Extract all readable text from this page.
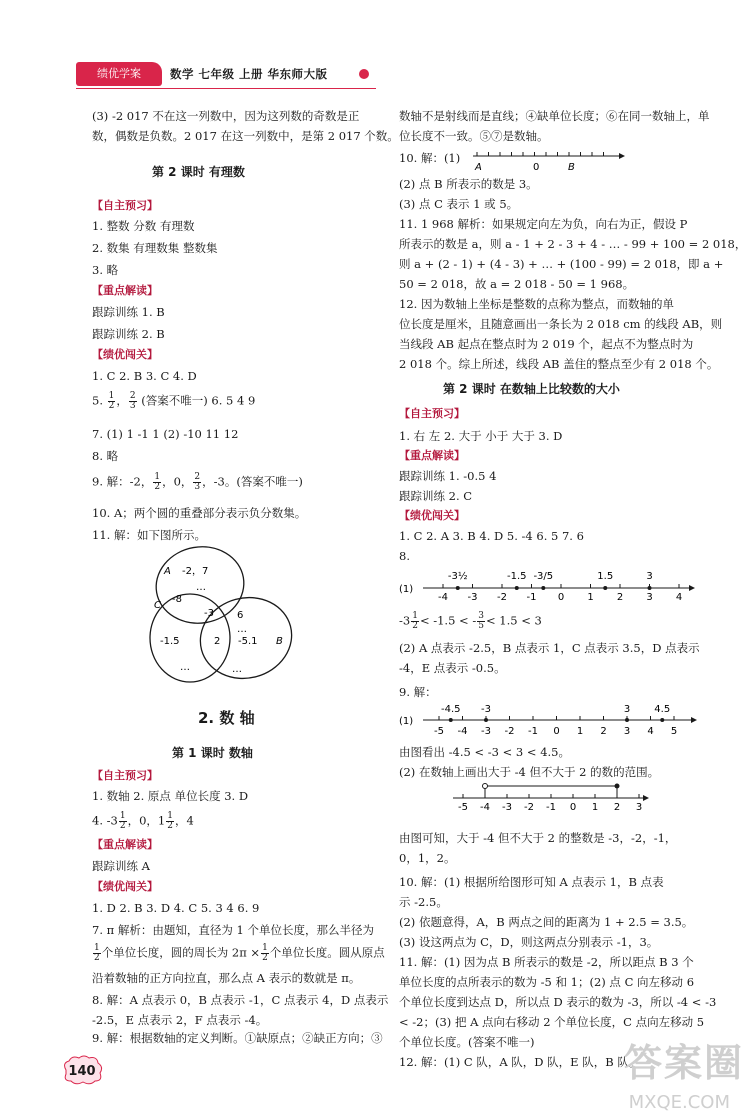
绩优学案	数学 七年级 上册 华东师大版
(3) -2 017 不在这一列数中，因为这列数的奇数是正
数，偶数是负数。2 017 在这一列数中，是第 2 017 个数。
第 2 课时 有理数
【自主预习】
1. 整数 分数 有理数
2. 数集 有理数集 整数集
3. 略
【重点解读】
跟踪训练 1. B
跟踪训练 2. B
【绩优闯关】
1. C 2. B 3. C 4. D
5. $\frac{1}{2}$ ， $\frac{2}{3}$ (答案不唯一) 6. 5 4 9
7. (1) 1 -1 1 (2) -10 11 12
8. 略
9. 解：-2， $\frac{1}{2}$ ，0， $\frac{2}{3}$ ，-3。(答案不唯一)
10. A；两个圆的重叠部分表示负分数集。
11. 解：如下图所示。
A -2，7
…
C
-8
-3 6
…
-1.5	2 -5.1 B
…	…
2. 数 轴
第 1 课时 数轴
【自主预习】
1. 数轴 2. 原点 单位长度 3. D
4. $-3 \frac{1}{2}$ ，0，$1 \frac{1}{2}$ ，4
【重点解读】
跟踪训练 A
【绩优闯关】
1. D 2. B 3. D 4. C 5. 3 4 6. 9
7. π 解析：由题知，直径为 1 个单位长度，那么半径为
$\frac{1}{2}$ 个单位长度，圆的周长为 $2\pi \times \frac{1}{2}$ 个单位长度。圆从原点
沿着数轴的正方向拉直，那么点 A 表示的数就是 π。
8. 解：A 点表示 0，B 点表示 -1，C 点表示 4，D 点表示
-2.5，E 点表示 2，F 点表示 -4。
9. 解：根据数轴的定义判断。①缺原点；②缺正方向；③
140
数轴不是射线而是直线；④缺单位长度；⑥在同一数轴上，单
位长度不一致。⑤⑦是数轴。
10. 解：(1)
A	0	B
(2) 点 B 所表示的数是 3。
(3) 点 C 表示 1 或 5。
11. 1 968 解析：如果规定向左为负，向右为正，假设 P
所表示的数是 a，则 a - 1 + 2 - 3 + 4 - … - 99 + 100 = 2 018，
则 a + (2 - 1) + (4 - 3) + … + (100 - 99) = 2 018，即 a +
50 = 2 018，故 a = 2 018 - 50 = 1 968。
12. 因为数轴上坐标是整数的点称为整点，而数轴的单
位长度是厘米，且随意画出一条长为 2 018 cm 的线段 AB，则
当线段 AB 起点在整点时为 2 019 个，起点不为整点时为
2 018 个。综上所述，线段 AB 盖住的整点至少有 2 018 个。
第 2 课时 在数轴上比较数的大小
【自主预习】
1. 右 左 2. 大于 小于 大于 3. D
【重点解读】
跟踪训练 1. -0.5 4
跟踪训练 2. C
【绩优闯关】
1. C 2. A 3. B 4. D 5. -4 6. 5 7. 6
8.
(1)
-4 -3 -2 -1 0 1 2 3 4
-3½	-1.5 -3/5	1.5	3
$-3 \frac{1}{2} < -1.5$ < - $\frac{3}{5} < 1.5 < 3$
(2) A 点表示 -2.5，B 点表示 1，C 点表示 3.5，D 点表示
-4，E 点表示 -0.5。
9. 解：
(1)
-5 -4 -3 -2 -1 0 1 2 3 4 5
-4.5 -3	3 4.5
由图看出 -4.5 < -3 < 3 < 4.5。
(2) 在数轴上画出大于 -4 但不大于 2 的数的范围。
-5 -4 -3 -2 -1 0 1 2 3
由图可知，大于 -4 但不大于 2 的整数是 -3，-2，-1，
0，1，2。
10. 解：(1) 根据所给图形可知 A 点表示 1，B 点表
示 -2.5。
(2) 依题意得，A，B 两点之间的距离为 1 + 2.5 = 3.5。
(3) 设这两点为 C，D，则这两点分别表示 -1，3。
11. 解：(1) 因为点 B 所表示的数是 -2，所以距点 B 3 个
单位长度的点所表示的数为 -5 和 1；(2) 点 C 向左移动 6
个单位长度到达点 D，所以点 D 表示的数为 -3，所以 -4 < -3
< -2；(3) 把 A 点向右移动 2 个单位长度，C 点向左移动 5
个单位长度。(答案不唯一)
12. 解：(1) C 队，A 队，D 队，E 队，B 队。
答案圈
MXQE.COM
